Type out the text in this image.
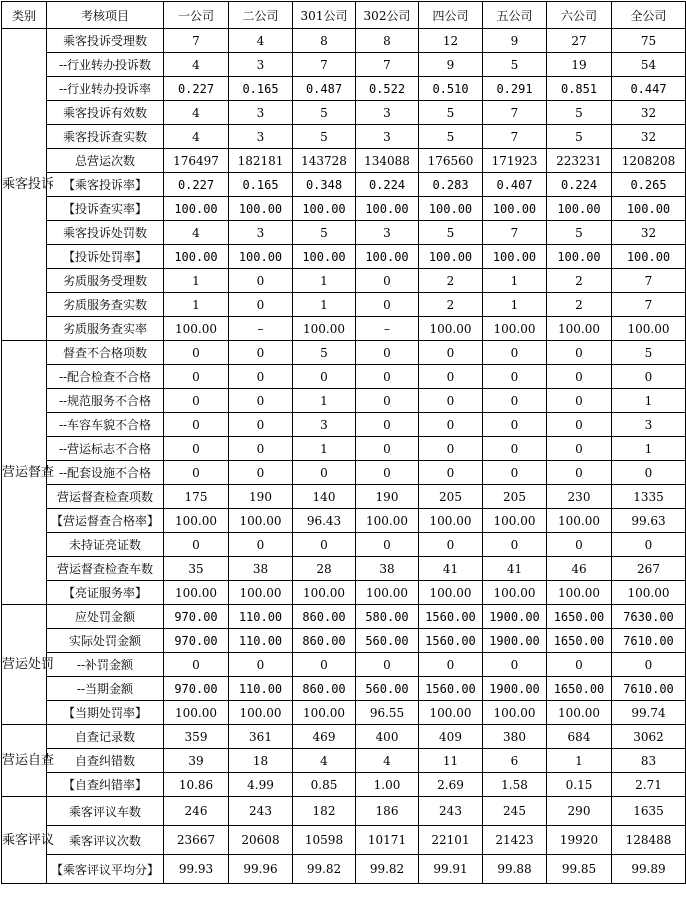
类别	考核项目	一公司	二公司	301公司	302公司	四公司	五公司	六公司	全公司
乘客投诉	乘客投诉受理数	7	4	8	8	12	9	27	75
	--行业转办投诉数	4	3	7	7	9	5	19	54
	--行业转办投诉率	0.227	0.165	0.487	0.522	0.510	0.291	0.851	0.447
	乘客投诉有效数	4	3	5	3	5	7	5	32
	乘客投诉查实数	4	3	5	3	5	7	5	32
	总营运次数	176497	182181	143728	134088	176560	171923	223231	1208208
	【乘客投诉率】	0.227	0.165	0.348	0.224	0.283	0.407	0.224	0.265
	【投诉查实率】	100.00	100.00	100.00	100.00	100.00	100.00	100.00	100.00
	乘客投诉处罚数	4	3	5	3	5	7	5	32
	【投诉处罚率】	100.00	100.00	100.00	100.00	100.00	100.00	100.00	100.00
	劣质服务受理数	1	0	1	0	2	1	2	7
	劣质服务查实数	1	0	1	0	2	1	2	7
	劣质服务查实率	100.00	–	100.00	–	100.00	100.00	100.00	100.00
营运督查	督查不合格项数	0	0	5	0	0	0	0	5
	--配合检查不合格	0	0	0	0	0	0	0	0
	--规范服务不合格	0	0	1	0	0	0	0	1
	--车容车貌不合格	0	0	3	0	0	0	0	3
	--营运标志不合格	0	0	1	0	0	0	0	1
	--配套设施不合格	0	0	0	0	0	0	0	0
	营运督查检查项数	175	190	140	190	205	205	230	1335
	【营运督查合格率】	100.00	100.00	96.43	100.00	100.00	100.00	100.00	99.63
	未持证亮证数	0	0	0	0	0	0	0	0
	营运督查检查车数	35	38	28	38	41	41	46	267
	【亮证服务率】	100.00	100.00	100.00	100.00	100.00	100.00	100.00	100.00
营运处罚	应处罚金额	970.00	110.00	860.00	580.00	1560.00	1900.00	1650.00	7630.00
	实际处罚金额	970.00	110.00	860.00	560.00	1560.00	1900.00	1650.00	7610.00
	--补罚金额	0	0	0	0	0	0	0	0
	--当期金额	970.00	110.00	860.00	560.00	1560.00	1900.00	1650.00	7610.00
	【当期处罚率】	100.00	100.00	100.00	96.55	100.00	100.00	100.00	99.74
营运自查	自查记录数	359	361	469	400	409	380	684	3062
	自查纠错数	39	18	4	4	11	6	1	83
	【自查纠错率】	10.86	4.99	0.85	1.00	2.69	1.58	0.15	2.71
乘客评议	乘客评议车数	246	243	182	186	243	245	290	1635
	乘客评议次数	23667	20608	10598	10171	22101	21423	19920	128488
	【乘客评议平均分】	99.93	99.96	99.82	99.82	99.91	99.88	99.85	99.89
